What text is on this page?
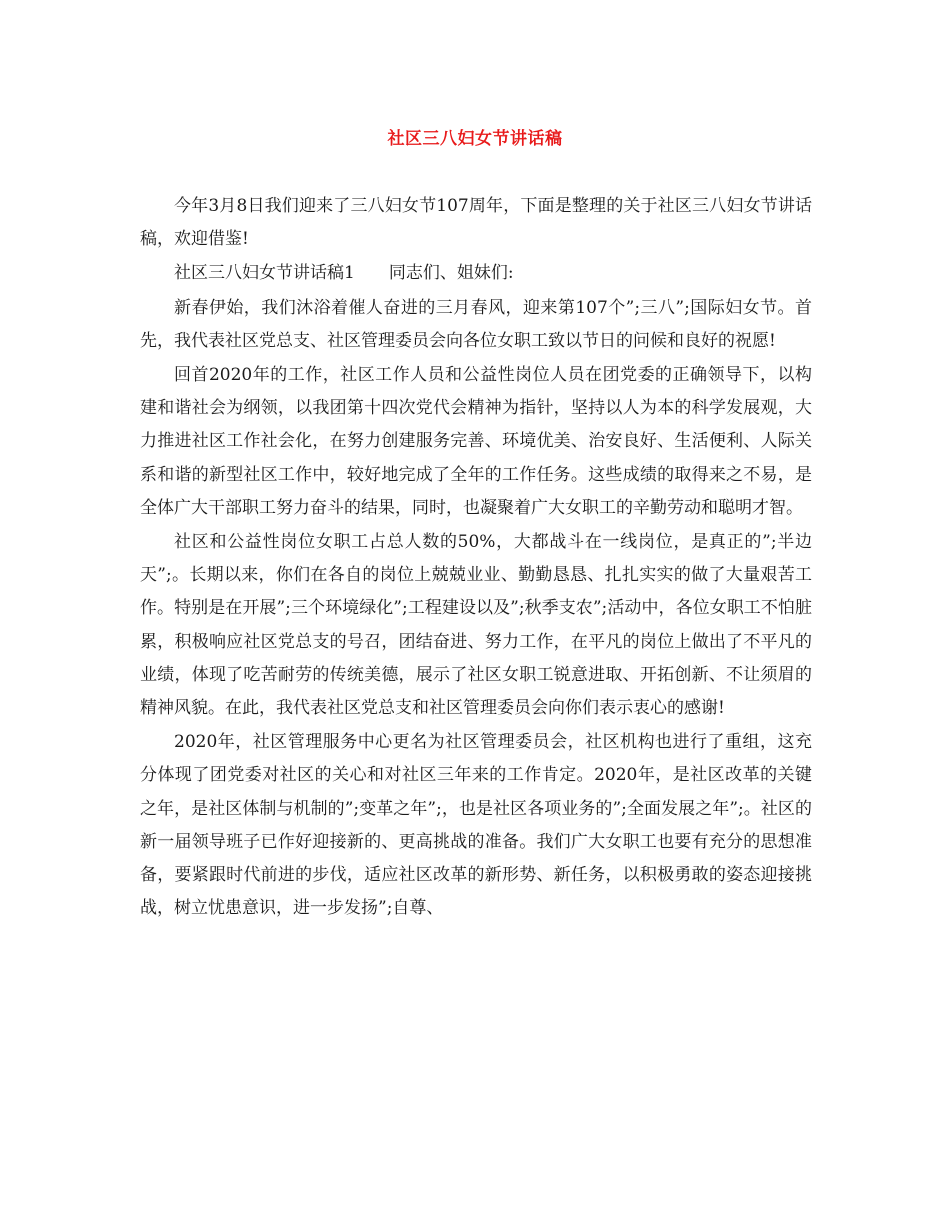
社区三八妇女节讲话稿

今年3月8日我们迎来了三八妇女节107周年，下面是整理的关于社区三八妇女节讲话稿，欢迎借鉴!

社区三八妇女节讲话稿1　　同志们、姐妹们:

新春伊始，我们沐浴着催人奋进的三月春风，迎来第107个”;三八”;国际妇女节。首先，我代表社区党总支、社区管理委员会向各位女职工致以节日的问候和良好的祝愿!

回首2020年的工作，社区工作人员和公益性岗位人员在团党委的正确领导下，以构建和谐社会为纲领，以我团第十四次党代会精神为指针，坚持以人为本的科学发展观，大力推进社区工作社会化，在努力创建服务完善、环境优美、治安良好、生活便利、人际关系和谐的新型社区工作中，较好地完成了全年的工作任务。这些成绩的取得来之不易，是全体广大干部职工努力奋斗的结果，同时，也凝聚着广大女职工的辛勤劳动和聪明才智。

社区和公益性岗位女职工占总人数的50%，大都战斗在一线岗位，是真正的”;半边天”;。长期以来，你们在各自的岗位上兢兢业业、勤勤恳恳、扎扎实实的做了大量艰苦工作。特别是在开展”;三个环境绿化”;工程建设以及”;秋季支农”;活动中，各位女职工不怕脏累，积极响应社区党总支的号召，团结奋进、努力工作，在平凡的岗位上做出了不平凡的业绩，体现了吃苦耐劳的传统美德，展示了社区女职工锐意进取、开拓创新、不让须眉的精神风貌。在此，我代表社区党总支和社区管理委员会向你们表示衷心的感谢!

2020年，社区管理服务中心更名为社区管理委员会，社区机构也进行了重组，这充分体现了团党委对社区的关心和对社区三年来的工作肯定。2020年，是社区改革的关键之年，是社区体制与机制的”;变革之年”;，也是社区各项业务的”;全面发展之年”;。社区的新一届领导班子已作好迎接新的、更高挑战的准备。我们广大女职工也要有充分的思想准备，要紧跟时代前进的步伐，适应社区改革的新形势、新任务，以积极勇敢的姿态迎接挑战，树立忧患意识，进一步发扬”;自尊、
